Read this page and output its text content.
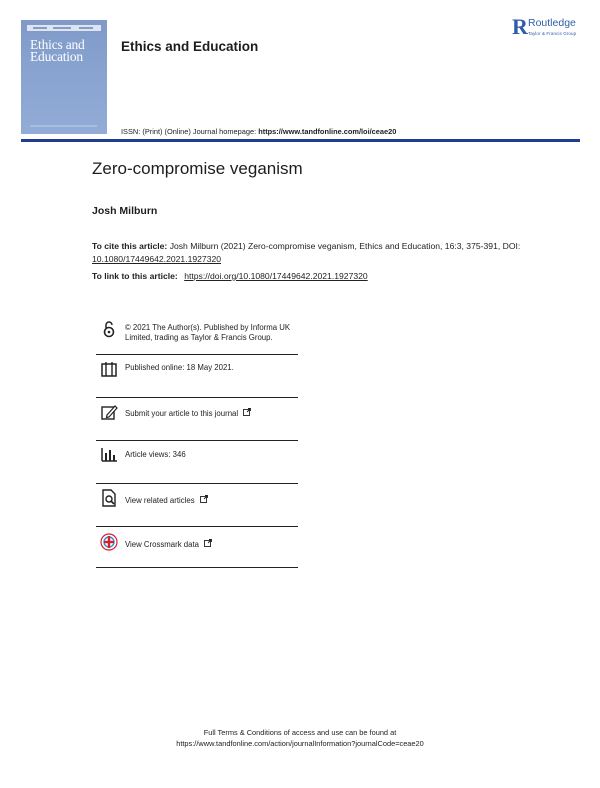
Ethics and
Education
Ethics and Education
R Routledge
Taylor & Francis Group
ISSN: (Print) (Online) Journal homepage: https://www.tandfonline.com/loi/ceae20
Zero-compromise veganism
Josh Milburn
To cite this article: Josh Milburn (2021) Zero-compromise veganism, Ethics and Education, 16:3, 375-391, DOI: 10.1080/17449642.2021.1927320
To link to this article: https://doi.org/10.1080/17449642.2021.1927320
© 2021 The Author(s). Published by Informa UK Limited, trading as Taylor & Francis Group.
Published online: 18 May 2021.
Submit your article to this journal
Article views: 346
View related articles
View Crossmark data
Full Terms & Conditions of access and use can be found at
https://www.tandfonline.com/action/journalInformation?journalCode=ceae20
